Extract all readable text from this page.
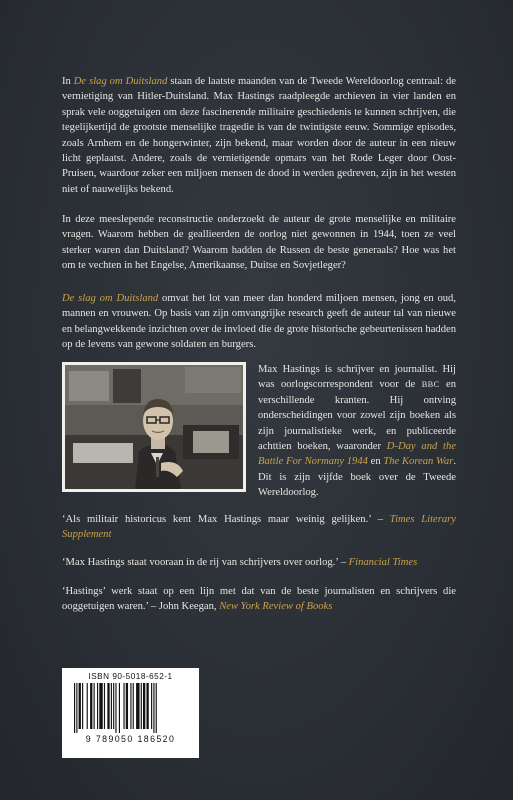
In De slag om Duitsland staan de laatste maanden van de Tweede Wereldoorlog centraal: de vernietiging van Hitler-Duitsland. Max Hastings raadpleegde archieven in vier landen en sprak vele ooggetuigen om deze fascinerende militaire geschiedenis te kunnen schrijven, die tegelijkertijd de grootste menselijke tragedie is van de twintigste eeuw. Sommige episodes, zoals Arnhem en de hongerwinter, zijn bekend, maar worden door de auteur in een nieuw licht geplaatst. Andere, zoals de vernietigende opmars van het Rode Leger door Oost-Pruisen, waardoor zeker een miljoen mensen de dood in werden gedreven, zijn in het westen niet of nauwelijks bekend.

In deze meeslepende reconstructie onderzoekt de auteur de grote menselijke en militaire vragen. Waarom hebben de geallieerden de oorlog niet gewonnen in 1944, toen ze veel sterker waren dan Duitsland? Waarom hadden de Russen de beste generaals? Hoe was het om te vechten in het Engelse, Amerikaanse, Duitse en Sovjetleger?

De slag om Duitsland omvat het lot van meer dan honderd miljoen mensen, jong en oud, mannen en vrouwen. Op basis van zijn omvangrijke research geeft de auteur tal van nieuwe en belangwekkende inzichten over de invloed die de grote historische gebeurtenissen hadden op de levens van gewone soldaten en burgers.

Max Hastings is schrijver en journalist. Hij was oorlogscorrespondent voor de BBC en verschillende kranten. Hij ontving onderscheidingen voor zowel zijn boeken als zijn journalistieke werk, en publiceerde achttien boeken, waaronder D-Day and the Battle For Normany 1944 en The Korean War. Dit is zijn vijfde boek over de Tweede Wereldoorlog.

‘Als militair historicus kent Max Hastings maar weinig gelijken.’ – Times Literary Supplement

‘Max Hastings staat vooraan in de rij van schrijvers over oorlog.’ – Financial Times

‘Hastings’ werk staat op een lijn met dat van de beste journalisten en schrijvers die ooggetuigen waren.’ – John Keegan, New York Review of Books

ISBN 90-5018-652-1
9 789050 186520
